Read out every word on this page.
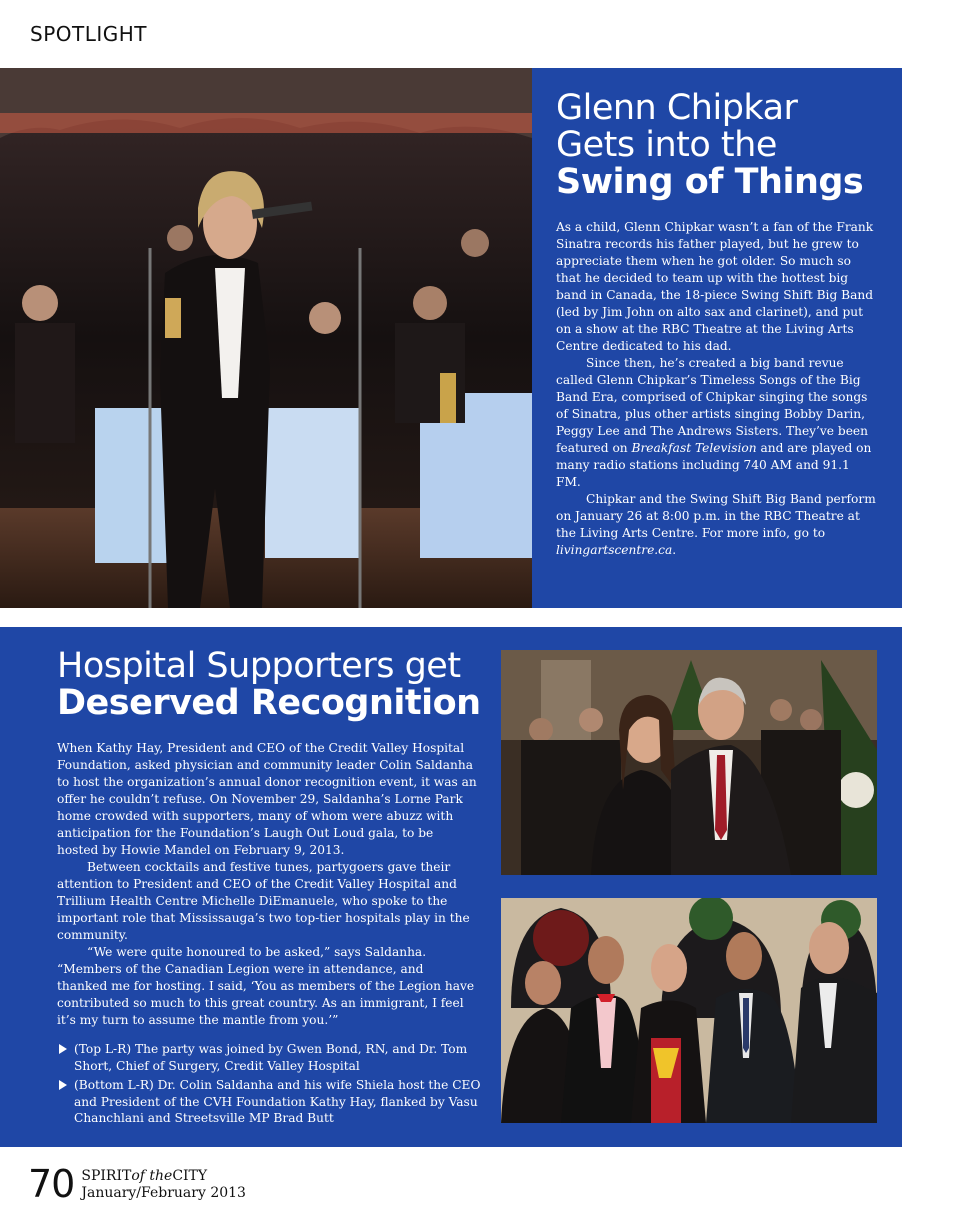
SPOTLIGHT
Glenn Chipkar
Gets into the
Swing of Things

As a child, Glenn Chipkar wasn’t a fan of the Frank Sinatra records his father played, but he grew to appreciate them when he got older. So much so that he decided to team up with the hottest big band in Canada, the 18-piece Swing Shift Big Band (led by Jim John on alto sax and clarinet), and put on a show at the RBC Theatre at the Living Arts Centre dedicated to his dad.

Since then, he’s created a big band revue called Glenn Chipkar’s Timeless Songs of the Big Band Era, comprised of Chipkar singing the songs of Sinatra, plus other artists singing Bobby Darin, Peggy Lee and The Andrews Sisters. They’ve been featured on Breakfast Television and are played on many radio stations including 740 AM and 91.1 FM.

Chipkar and the Swing Shift Big Band perform on January 26 at 8:00 p.m. in the RBC Theatre at the Living Arts Centre. For more info, go to livingartscentre.ca.

Hospital Supporters get
Deserved Recognition

When Kathy Hay, President and CEO of the Credit Valley Hospital Foundation, asked physician and community leader Colin Saldanha to host the organization’s annual donor recognition event, it was an offer he couldn’t refuse. On November 29, Saldanha’s Lorne Park home crowded with supporters, many of whom were abuzz with anticipation for the Foundation’s Laugh Out Loud gala, to be hosted by Howie Mandel on February 9, 2013.

Between cocktails and festive tunes, partygoers gave their attention to President and CEO of the Credit Valley Hospital and Trillium Health Centre Michelle DiEmanuele, who spoke to the important role that Mississauga’s two top-tier hospitals play in the community.

“We were quite honoured to be asked,” says Saldanha. “Members of the Canadian Legion were in attendance, and thanked me for hosting. I said, ‘You as members of the Legion have contributed so much to this great country. As an immigrant, I feel it’s my turn to assume the mantle from you.’”

(Top L-R) The party was joined by Gwen Bond, RN, and Dr. Tom Short, Chief of Surgery, Credit Valley Hospital
(Bottom L-R) Dr. Colin Saldanha and his wife Shiela host the CEO and President of the CVH Foundation Kathy Hay, flanked by Vasu Chanchlani and Streetsville MP Brad Butt
70 SPIRITof theCITY
January/February 2013
